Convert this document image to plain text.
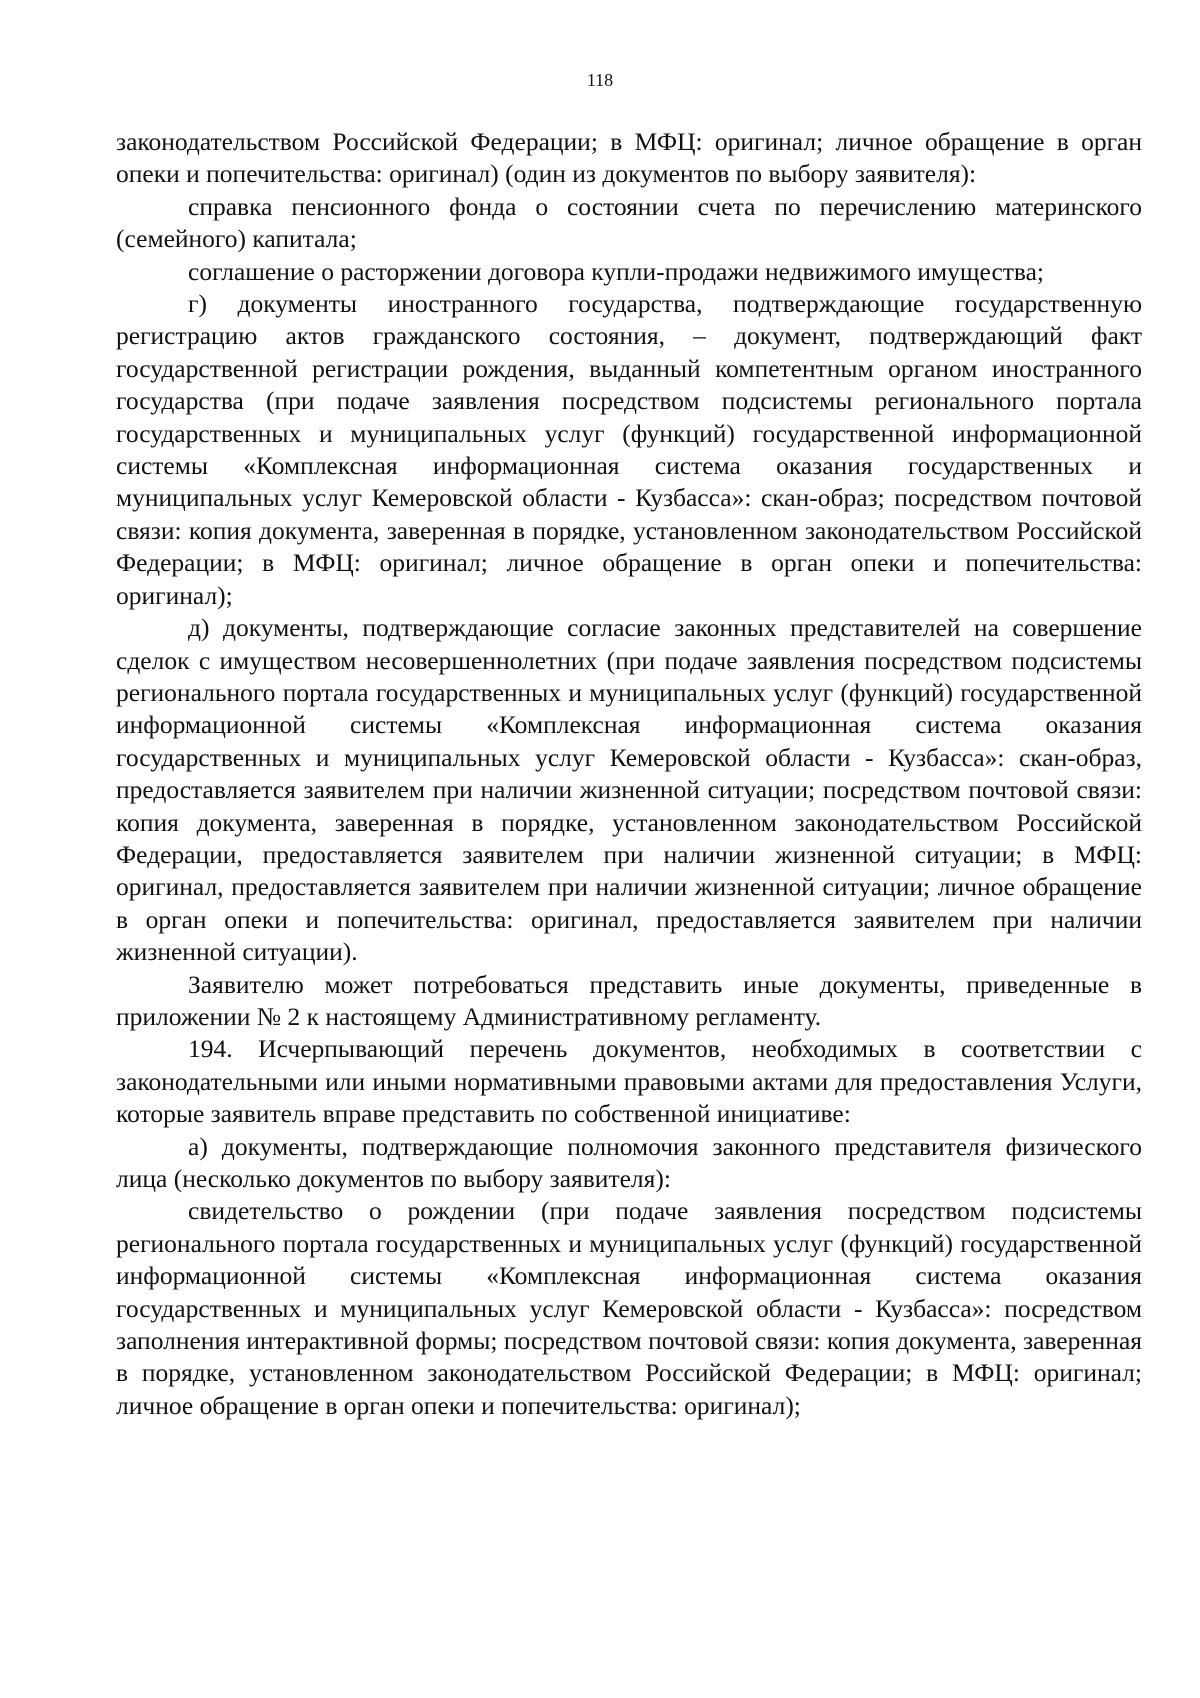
118

законодательством Российской Федерации; в МФЦ: оригинал; личное обращение в орган опеки и попечительства: оригинал) (один из документов по выбору заявителя):

справка пенсионного фонда о состоянии счета по перечислению материнского (семейного) капитала;

соглашение о расторжении договора купли-продажи недвижимого имущества;

г) документы иностранного государства, подтверждающие государственную регистрацию актов гражданского состояния, – документ, подтверждающий факт государственной регистрации рождения, выданный компетентным органом иностранного государства (при подаче заявления посредством подсистемы регионального портала государственных и муниципальных услуг (функций) государственной информационной системы «Комплексная информационная система оказания государственных и муниципальных услуг Кемеровской области - Кузбасса»: скан-образ; посредством почтовой связи: копия документа, заверенная в порядке, установленном законодательством Российской Федерации; в МФЦ: оригинал; личное обращение в орган опеки и попечительства: оригинал);

д) документы, подтверждающие согласие законных представителей на совершение сделок с имуществом несовершеннолетних (при подаче заявления посредством подсистемы регионального портала государственных и муниципальных услуг (функций) государственной информационной системы «Комплексная информационная система оказания государственных и муниципальных услуг Кемеровской области - Кузбасса»: скан-образ, предоставляется заявителем при наличии жизненной ситуации; посредством почтовой связи: копия документа, заверенная в порядке, установленном законодательством Российской Федерации, предоставляется заявителем при наличии жизненной ситуации; в МФЦ: оригинал, предоставляется заявителем при наличии жизненной ситуации; личное обращение в орган опеки и попечительства: оригинал, предоставляется заявителем при наличии жизненной ситуации).

Заявителю может потребоваться представить иные документы, приведенные в приложении № 2 к настоящему Административному регламенту.

194. Исчерпывающий перечень документов, необходимых в соответствии с законодательными или иными нормативными правовыми актами для предоставления Услуги, которые заявитель вправе представить по собственной инициативе:

а) документы, подтверждающие полномочия законного представителя физического лица (несколько документов по выбору заявителя):

свидетельство о рождении (при подаче заявления посредством подсистемы регионального портала государственных и муниципальных услуг (функций) государственной информационной системы «Комплексная информационная система оказания государственных и муниципальных услуг Кемеровской области - Кузбасса»: посредством заполнения интерактивной формы; посредством почтовой связи: копия документа, заверенная в порядке, установленном законодательством Российской Федерации; в МФЦ: оригинал; личное обращение в орган опеки и попечительства: оригинал);
